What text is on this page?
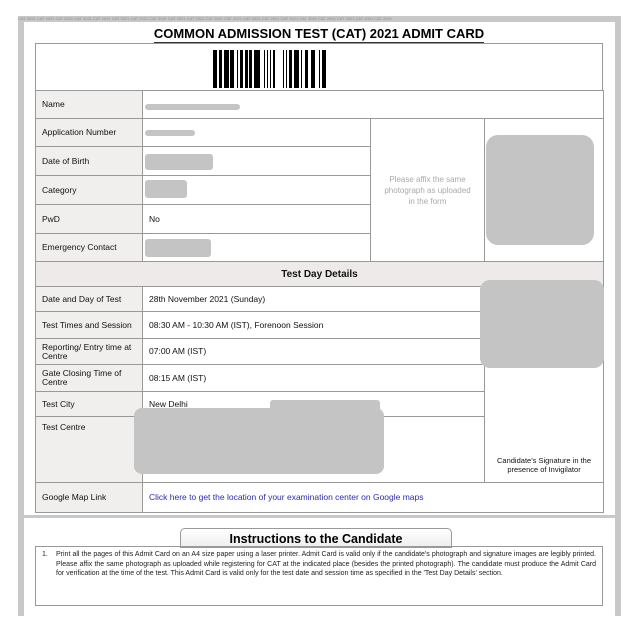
CAT 2021 CAT 2021 CAT 2021 CAT 2021 CAT 2021 CAT 2021 CAT 2021 CAT 2021 CAT 2021 CAT 2021 CAT 2021 CAT 2021 CAT 2021 CAT 2021 CAT 2021 CAT 2021 CAT 2021 CAT 2021 CAT 2021 CAT 2021
COMMON ADMISSION TEST (CAT) 2021 ADMIT CARD
Name
Application Number
Date of Birth
Category
PwD	No
Emergency Contact
Please affix the same photograph as uploaded in the form
Test Day Details
Date and Day of Test	28th November 2021 (Sunday)
Test Times and Session	08:30 AM - 10:30 AM (IST), Forenoon Session
Reporting/ Entry time at Centre	07:00 AM (IST)
Gate Closing Time of Centre	08:15 AM (IST)
Test City	New Delhi
Test Centre
Candidate's Signature in the presence of Invigilator
Google Map Link	Click here to get the location of your examination center on Google maps
Instructions to the Candidate
1. Print all the pages of this Admit Card on an A4 size paper using a laser printer. Admit Card is valid only if the candidate's photograph and signature images are legibly printed. Please affix the same photograph as uploaded while registering for CAT at the indicated place (besides the printed photograph). The candidate must produce the Admit Card for verification at the time of the test. This Admit Card is valid only for the test date and session time as specified in the 'Test Day Details' section.
